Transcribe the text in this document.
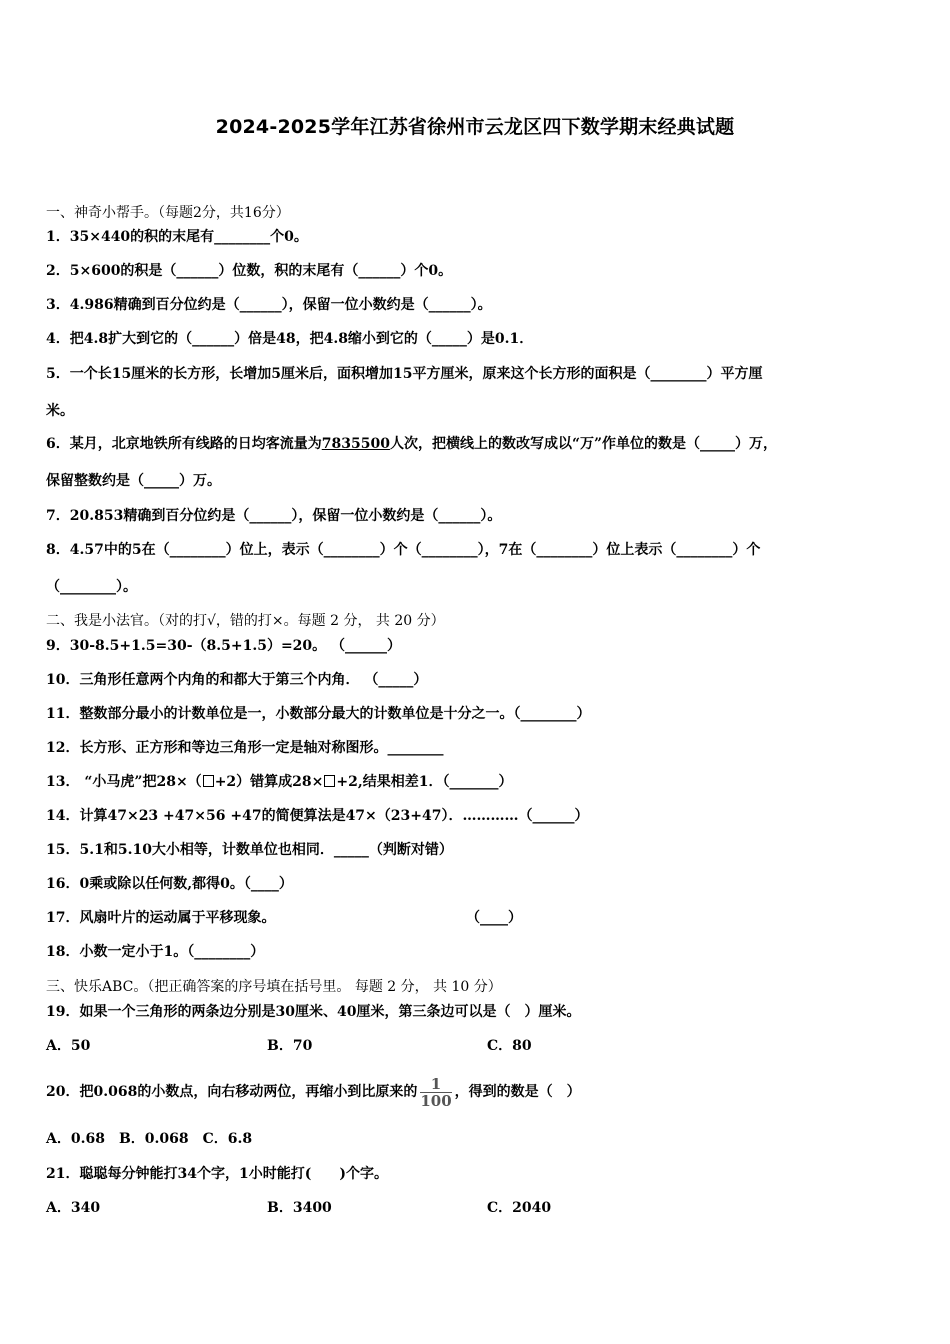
2024-2025学年江苏省徐州市云龙区四下数学期末经典试题
一、神奇小帮手。（每题2分，共16分）
1．35×440的积的末尾有________个0。
2．5×600的积是（______）位数，积的末尾有（______）个0。
3．4.986精确到百分位约是（______），保留一位小数约是（______）。
4．把4.8扩大到它的（______）倍是48，把4.8缩小到它的（_____）是0.1．
5．一个长15厘米的长方形，长增加5厘米后，面积增加15平方厘米，原来这个长方形的面积是（________）平方厘
米。
6．某月，北京地铁所有线路的日均客流量为7835500人次，把横线上的数改写成以“万”作单位的数是（_____）万，
保留整数约是（_____）万。
7．20.853精确到百分位约是（______），保留一位小数约是（______）。
8．4.57中的5在（________）位上，表示（________）个（________），7在（________）位上表示（________）个
（________）。
二、我是小法官。（对的打√，错的打×。每题 2 分， 共 20 分）
9．30-8.5+1.5=30-（8.5+1.5）=20。 （______）
10．三角形任意两个内角的和都大于第三个内角． （_____）
11．整数部分最小的计数单位是一，小数部分最大的计数单位是十分之一。（________）
12．长方形、正方形和等边三角形一定是轴对称图形。________
13． “小马虎”把28×（ +2）错算成28× +2,结果相差1．（_______）
14．计算47×23 +47×56 +47的简便算法是47×（23+47）．…………（______）
15．5.1和5.10大小相等，计数单位也相同．_____（判断对错）
16．0乘或除以任何数,都得0。（____）
17．风扇叶片的运动属于平移现象。	（____）
18．小数一定小于1。（________）
三、快乐ABC。（把正确答案的序号填在括号里。 每题 2 分， 共 10 分）
19．如果一个三角形的两条边分别是30厘米、40厘米，第三条边可以是（　）厘米。
A．50	B．70	C．80
20．把0.068的小数点，向右移动两位，再缩小到比原来的 $\frac{1}{100}$ ，得到的数是（　）
A．0.68　B．0.068　C．6.8
21．聪聪每分钟能打34个字，1小时能打(　　)个字。
A．340	B．3400	C．2040
